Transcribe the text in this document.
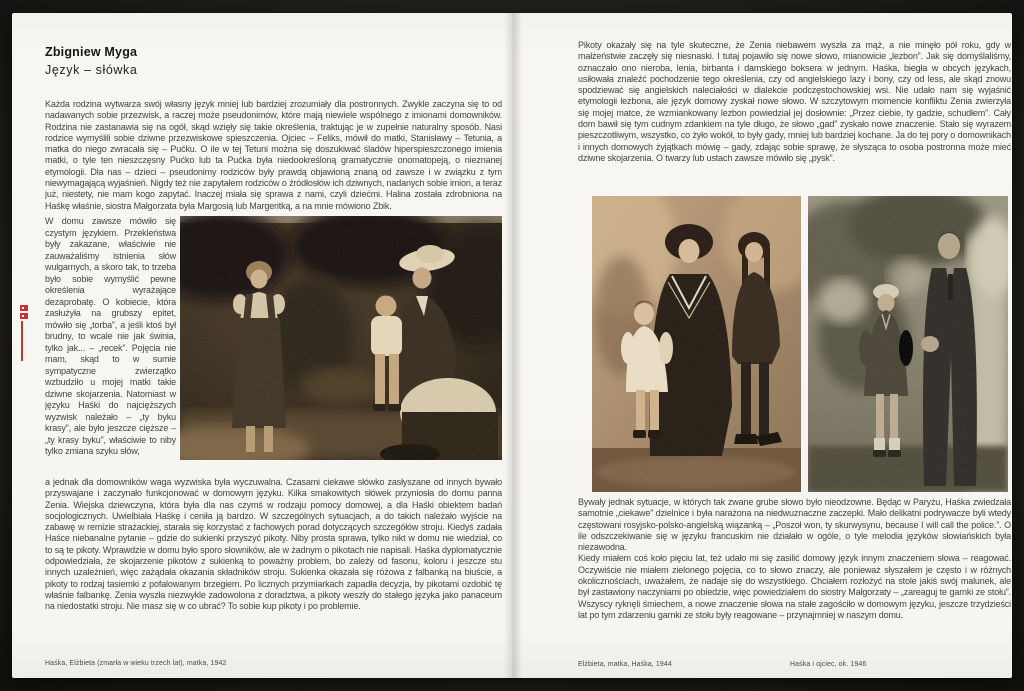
Zbigniew Myga
Język – słówka
Każda rodzina wytwarza swój własny język mniej lub bardziej zrozumiały dla postronnych. Zwykle zaczyna się to od nadawanych sobie przezwisk, a raczej może pseudonimów, które mają niewiele wspólnego z imionami domowników. Rodzina nie zastanawia się na ogół, skąd wzięły się takie określenia, traktując je w zupełnie naturalny sposób. Nasi rodzice wymyślili sobie dziwne przezwiskowe spieszczenia. Ojciec – Feliks, mówił do matki, Stanisławy – Tetunia, a matka do niego zwracała się – Pućku. O ile w tej Tetuni można się doszukiwać śladów hiperspieszczonego imienia matki, o tyle ten nieszczęsny Pućko lub ta Pućka była niedookreśloną gramatycznie onomatopeją, o nieznanej etymologii. Dla nas – dzieci – pseudonimy rodziców były prawdą objawioną znaną od zawsze i w związku z tym niewymagającą wyjaśnień. Nigdy też nie zapytałem rodziców o źródłosłów ich dziwnych, nadanych sobie imion, a teraz już, niestety, nie mam kogo zapytać. Inaczej miała się sprawa z nami, czyli dziećmi. Halina została zdrobniona na Haśkę właśnie, siostra Małgorzata była Margosią lub Margeritką, a na mnie mówiono Zbik.
W domu zawsze mówiło się czystym językiem. Przekleństwa były zakazane, właściwie nie zauważaliśmy istnienia słów wulgarnych, a skoro tak, to trzeba było sobie wymyślić pewne określenia wyrażające dezaprobatę. O kobiecie, która zasłużyła na grubszy epitet, mówiło się „torba”, a jeśli ktoś był brudny, to wcale nie jak świnia, tylko jak... – „recek”. Pojęcia nie mam, skąd to w sumie sympatyczne zwierzątko wzbudziło u mojej matki takie dziwne skojarzenia. Natomiast w języku Haśki do najcięższych wyzwisk należało – „ty byku krasy”, ale było jeszcze cięższe – „ty krasy byku”, właściwie to niby tylko zmiana szyku słów,
a jednak dla domowników waga wyzwiska była wyczuwalna. Czasami ciekawe słówko zasłyszane od innych bywało przyswajane i zaczynało funkcjonować w domowym języku. Kilka smakowitych słówek przyniosła do domu panna Zenia. Wiejska dziewczyna, która była dla nas czymś w rodzaju pomocy domowej, a dla Haśki obiektem badań socjologicznych. Uwielbiała Haśkę i ceniła ją bardzo. W szczególnych sytuacjach, a do takich należało wyjście na zabawę w remizie strażackiej, starała się korzystać z fachowych porad dotyczących szczegółów stroju. Kiedyś zadała Haśce niebanalne pytanie – gdzie do sukienki przyszyć pikoty. Niby prosta sprawa, tylko nikt w domu nie wiedział, co to są te pikoty. Wprawdzie w domu było sporo słowników, ale w żadnym o pikotach nie napisali. Haśka dyplomatycznie odpowiedziała, że skojarzenie pikotów z sukienką to poważny problem, bo zależy od fasonu, koloru i jeszcze stu innych uzależnień, więc zażądała okazania składników stroju. Sukienka okazała się różowa z falbanką na biuście, a pikoty to rodzaj tasiemki z pofalowanym brzegiem. Po licznych przymiarkach zapadła decyzja, by pikotami ozdobić tę właśnie falbankę. Zenia wyszła niezwykle zadowolona z doradztwa, a pikoty weszły do stałego języka jako panaceum na niedostatki stroju. Nie masz się w co ubrać? To sobie kup pikoty i po problemie.
Haśka, Elżbieta (zmarła w wieku trzech lat), matka, 1942
Pikoty okazały się na tyle skuteczne, że Zenia niebawem wyszła za mąż, a nie minęło pół roku, gdy w małżeństwie zaczęły się niesnaski. I tutaj pojawiło się nowe słowo, mianowicie „lezbon”. Jak się domyślaliśmy, oznaczało ono nieroba, lenia, birbanta i damskiego boksera w jednym. Haśka, biegła w obcych językach, usiłowała znaleźć pochodzenie tego określenia, czy od angielskiego lazy i bony, czy od less, ale skąd znowu spodziewać się angielskich naleciałości w dialekcie podczęstochowskiej wsi. Nie udało nam się wyjaśnić etymologii lezbona, ale język domowy zyskał nowe słowo. W szczytowym momencie konfliktu Zenia zwierzyła się mojej matce, że wzmiankowany lezbon powiedział jej dosłownie: „Przez ciebie, ty gadzie, schudłem”. Cały dom bawił się tym cudnym zdankiem na tyle długo, że słowo „gad” zyskało nowe znaczenie. Stało się wyrazem pieszczotliwym, wszystko, co żyło wokół, to były gady, mniej lub bardziej kochane. Ja do tej pory o domownikach i innych domowych żyjątkach mówię – gady, zdając sobie sprawę, że słysząca to osoba postronna może mieć dziwne skojarzenia. O twarzy lub ustach zawsze mówiło się „pysk”.

Bywały jednak sytuacje, w których tak zwane grube słowo było nieodzowne. Będąc w Paryżu, Haśka zwiedzała samotnie „ciekawe” dzielnice i była narażona na niedwuznaczne zaczepki. Mało delikatni podrywacze byli wtedy częstowani rosyjsko-polsko-angielską wiązanką – „Poszoł won, ty skurwysynu, because I will call the police.”. O ile odszczekiwanie się w języku francuskim nie działało w ogóle, o tyle melodia języków słowiańskich była niezawodna.

Kiedy miałem coś koło pięciu lat, też udało mi się zasilić domowy język innym znaczeniem słowa – reagować. Oczywiście nie miałem zielonego pojęcia, co to słowo znaczy, ale ponieważ słyszałem je często i w różnych okolicznościach, uważałem, że nadaje się do wszystkiego. Chciałem rozłożyć na stole jakiś swój malunek, ale był zastawiony naczyniami po obiedzie, więc powiedziałem do siostry Małgorzaty – „zareaguj te garnki ze stołu”. Wszyscy ryknęli śmiechem, a nowe znaczenie słowa na stałe zagościło w domowym języku, jeszcze trzydzieści lat po tym zdarzeniu garnki ze stołu były reagowane – przynajmniej w naszym domu.

Elżbieta, matka, Haśka, 1944	Haśka i ojciec, ok. 1946
